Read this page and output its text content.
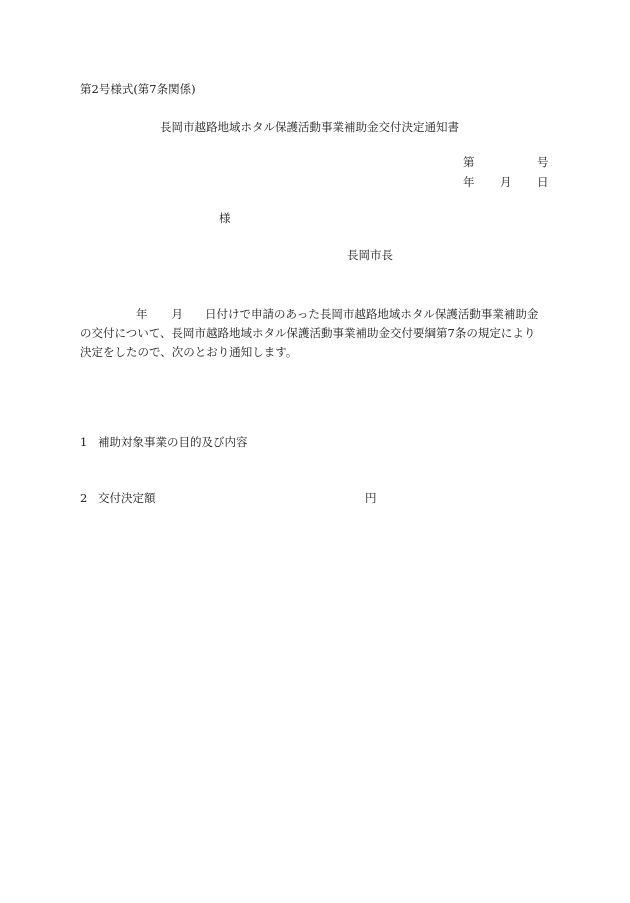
第2号様式(第7条関係)
長岡市越路地域ホタル保護活動事業補助金交付決定通知書
第	号
年 月 日
様
長岡市長
年 月 日付けで申請のあった長岡市越路地域ホタル保護活動事業補助金
の交付について、長岡市越路地域ホタル保護活動事業補助金交付要綱第7条の規定により
決定をしたので、次のとおり通知します。
1 補助対象事業の目的及び内容
2 交付決定額	円
